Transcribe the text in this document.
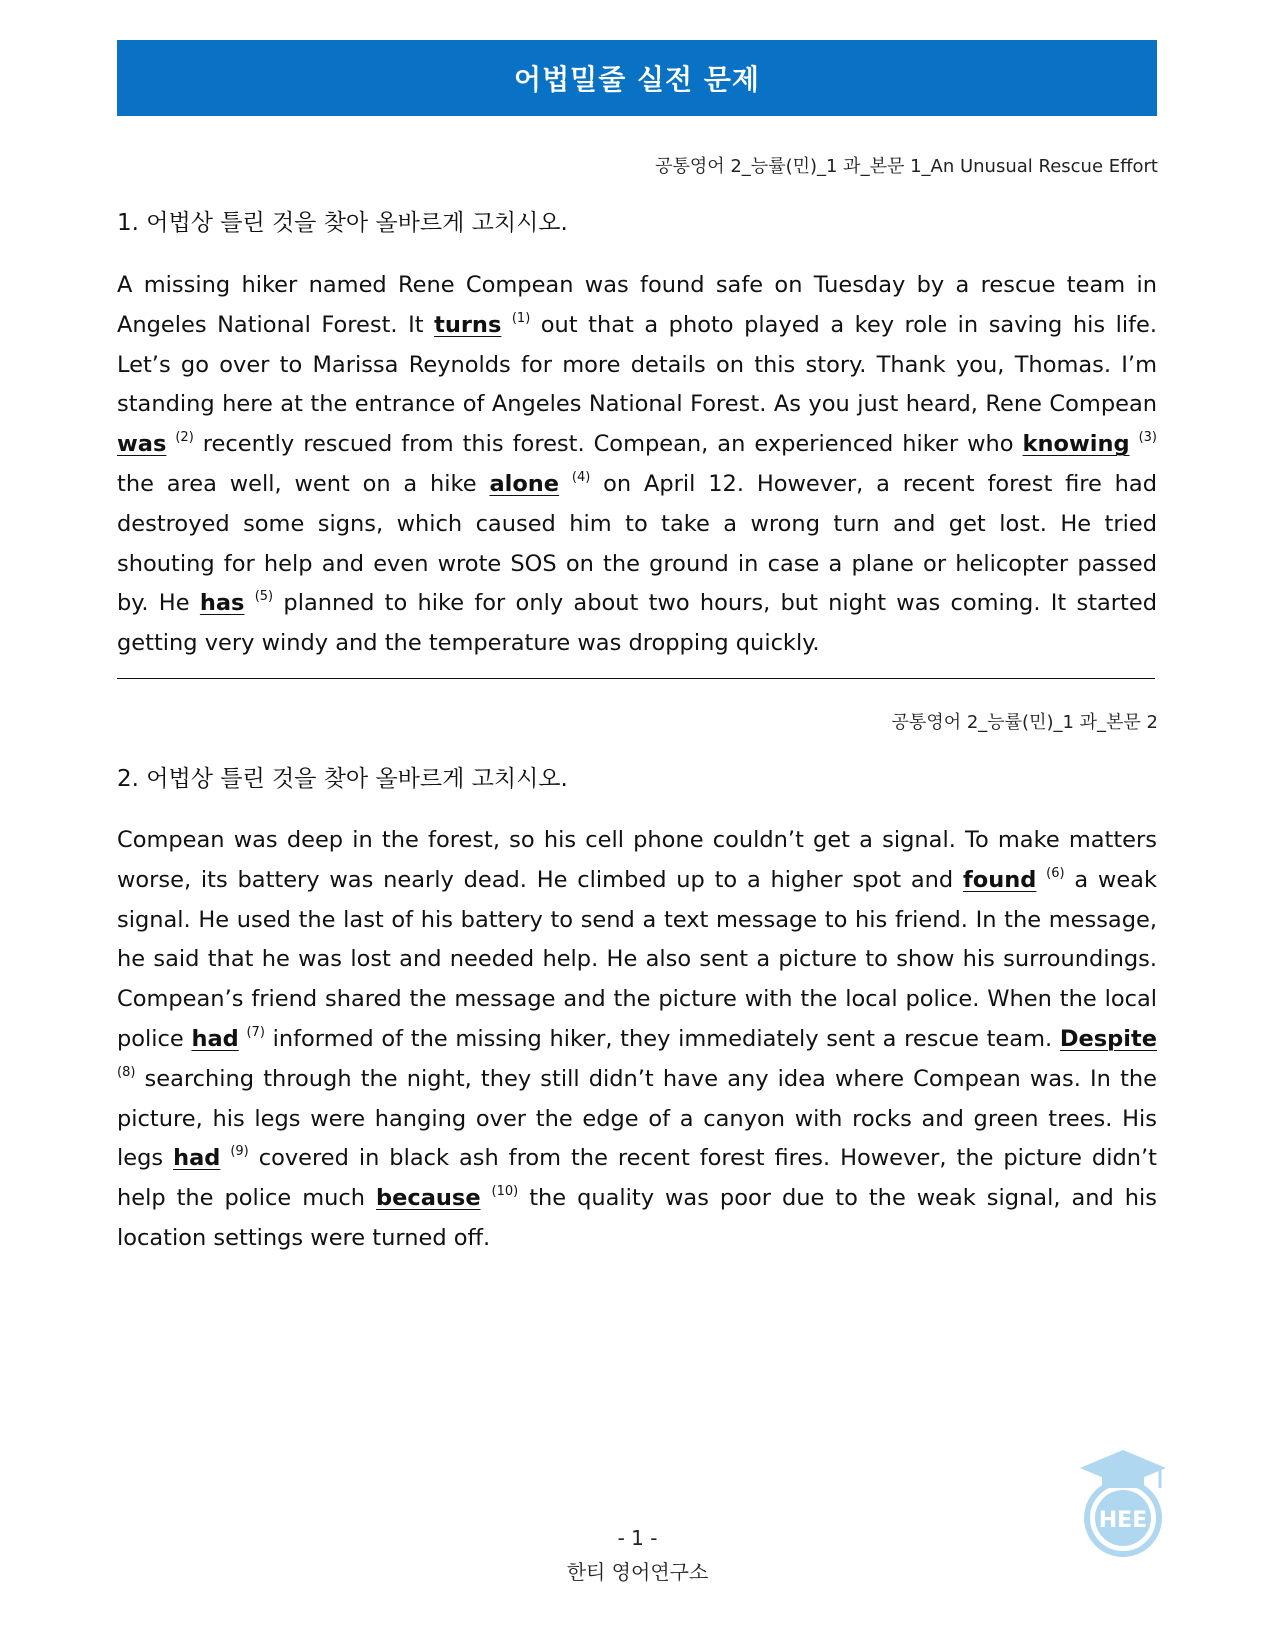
어법밀줄 실전 문제
공통영어 2_능률(민)_1 과_본문 1_An Unusual Rescue Effort
1. 어법상 틀린 것을 찾아 올바르게 고치시오.

A missing hiker named Rene Compean was found safe on Tuesday by a rescue team in Angeles National Forest. It turns $^{(1)}$ out that a photo played a key role in saving his life. Let’s go over to Marissa Reynolds for more details on this story. Thank you, Thomas. I’m standing here at the entrance of Angeles National Forest. As you just heard, Rene Compean was $^{(2)}$ recently rescued from this forest. Compean, an experienced hiker who knowing $^{(3)}$ the area well, went on a hike alone $^{(4)}$ on April 12. However, a recent forest fire had destroyed some signs, which caused him to take a wrong turn and get lost. He tried shouting for help and even wrote SOS on the ground in case a plane or helicopter passed by. He has $^{(5)}$ planned to hike for only about two hours, but night was coming. It started getting very windy and the temperature was dropping quickly.

공통영어 2_능률(민)_1 과_본문 2
2. 어법상 틀린 것을 찾아 올바르게 고치시오.

Compean was deep in the forest, so his cell phone couldn’t get a signal. To make matters worse, its battery was nearly dead. He climbed up to a higher spot and found $^{(6)}$ a weak signal. He used the last of his battery to send a text message to his friend. In the message, he said that he was lost and needed help. He also sent a picture to show his surroundings. Compean’s friend shared the message and the picture with the local police. When the local police had $^{(7)}$ informed of the missing hiker, they immediately sent a rescue team. Despite $^{(8)}$ searching through the night, they still didn’t have any idea where Compean was. In the picture, his legs were hanging over the edge of a canyon with rocks and green trees. His legs had $^{(9)}$ covered in black ash from the recent forest fires. However, the picture didn’t help the police much because $^{(10)}$ the quality was poor due to the weak signal, and his location settings were turned off.

HEE
- 1 -
한티 영어연구소
